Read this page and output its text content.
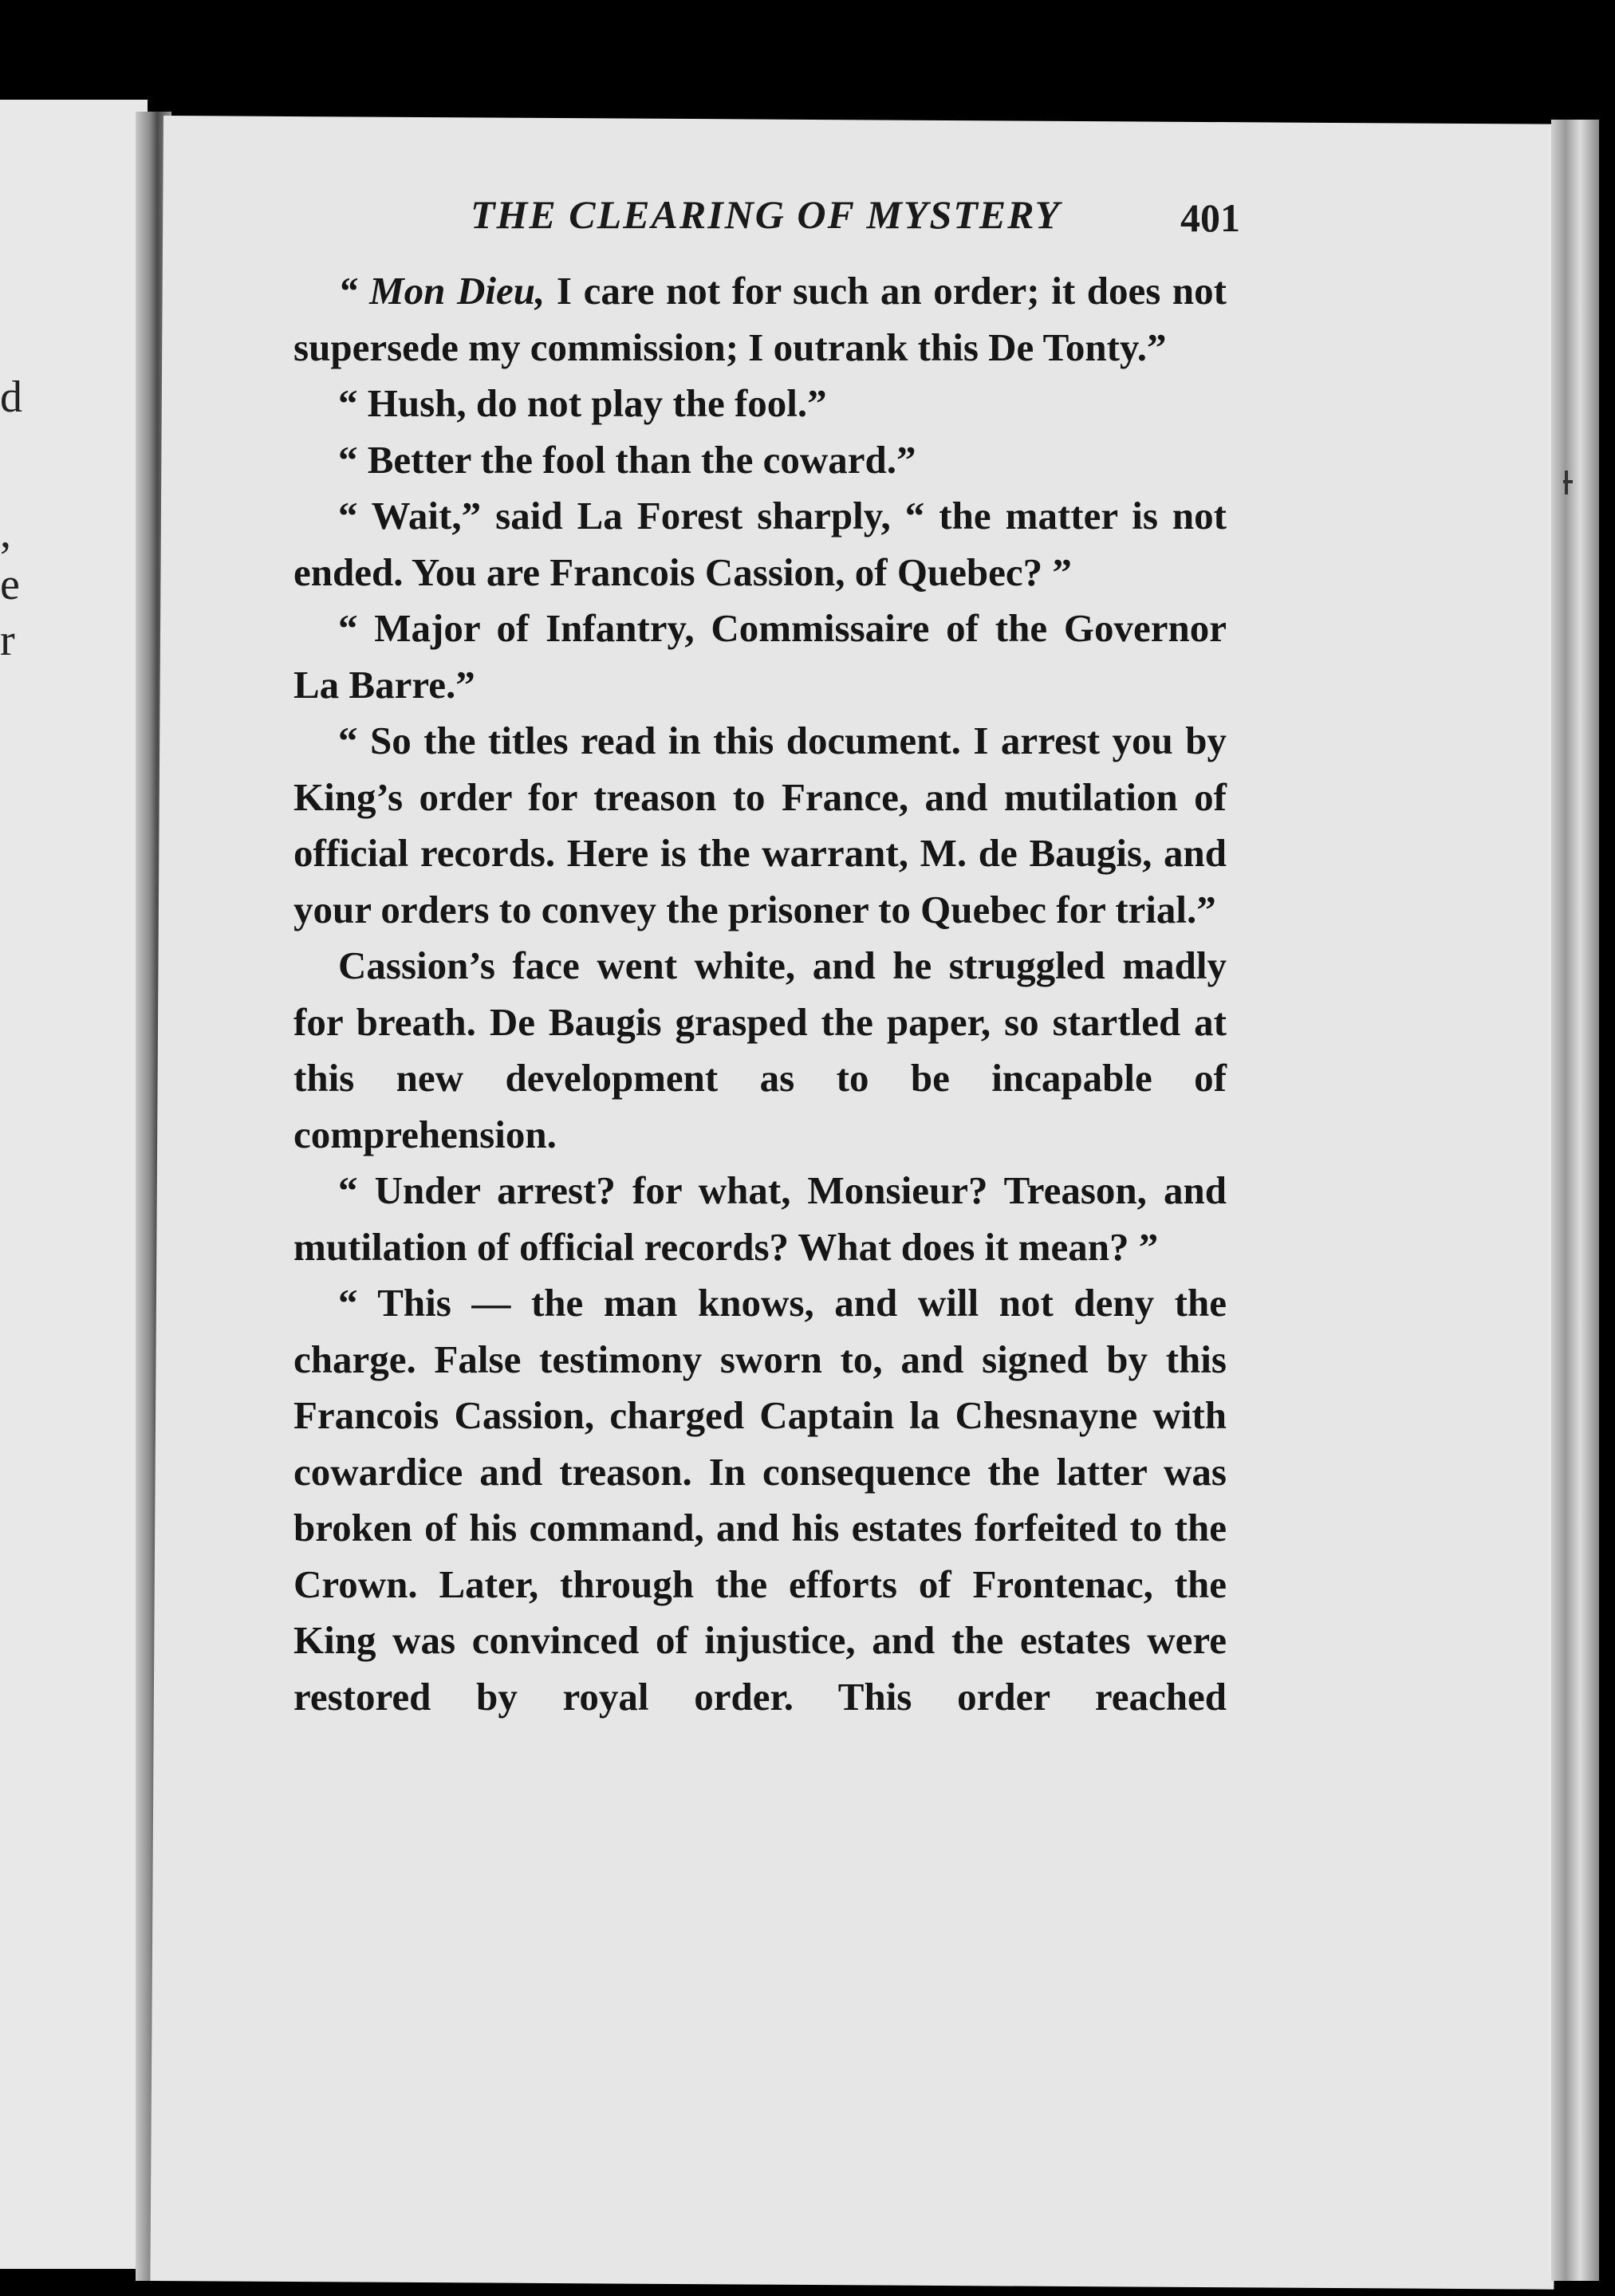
d
,
e
r
THE CLEARING OF MYSTERY	401

“ Mon Dieu, I care not for such an order; it does not supersede my commission; I outrank this De Tonty.”

“ Hush, do not play the fool.”

“ Better the fool than the coward.”

“ Wait,” said La Forest sharply, “ the matter is not ended. You are Francois Cassion, of Quebec? ”

“ Major of Infantry, Commissaire of the Governor La Barre.”

“ So the titles read in this document. I arrest you by King’s order for treason to France, and mutilation of official records. Here is the warrant, M. de Baugis, and your orders to convey the prisoner to Quebec for trial.”

Cassion’s face went white, and he struggled madly for breath. De Baugis grasped the paper, so startled at this new development as to be incapable of comprehension.

“ Under arrest? for what, Monsieur? Treason, and mutilation of official records? What does it mean? ”

“ This — the man knows, and will not deny the charge. False testimony sworn to, and signed by this Francois Cassion, charged Captain la Chesnayne with cowardice and treason. In consequence the latter was broken of his command, and his estates forfeited to the Crown. Later, through the efforts of Frontenac, the King was convinced of injustice, and the estates were restored by royal order. This order reached
